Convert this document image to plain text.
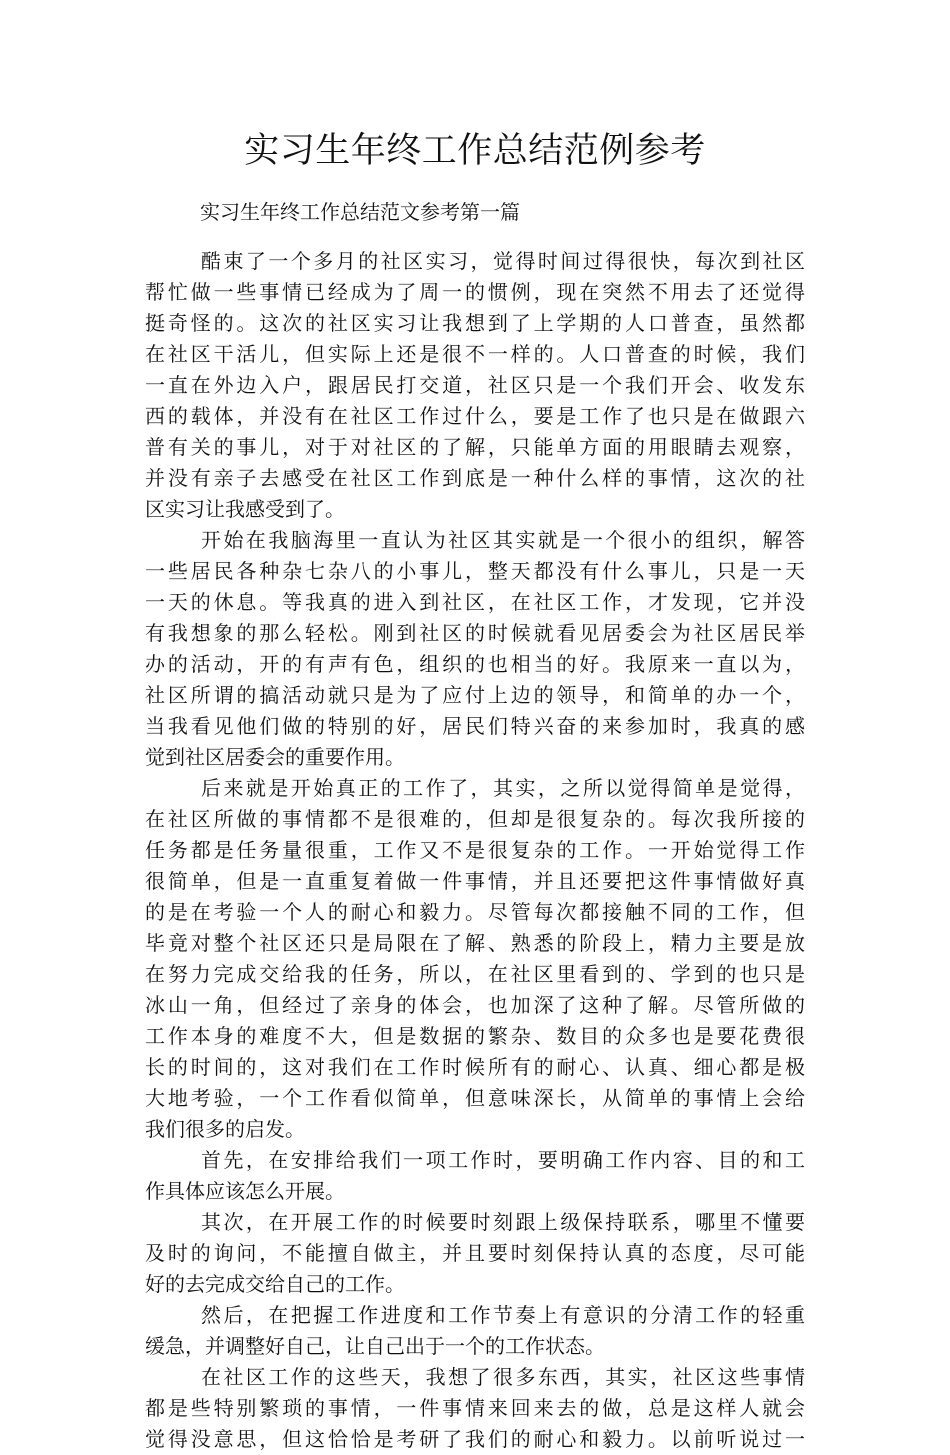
实习生年终工作总结范例参考

实习生年终工作总结范文参考第一篇

酷束了一个多月的社区实习，觉得时间过得很快，每次到社区
帮忙做一些事情已经成为了周一的惯例，现在突然不用去了还觉得
挺奇怪的。这次的社区实习让我想到了上学期的人口普查，虽然都
在社区干活儿，但实际上还是很不一样的。人口普查的时候，我们
一直在外边入户，跟居民打交道，社区只是一个我们开会、收发东
西的载体，并没有在社区工作过什么，要是工作了也只是在做跟六
普有关的事儿，对于对社区的了解，只能单方面的用眼睛去观察，
并没有亲子去感受在社区工作到底是一种什么样的事情，这次的社
区实习让我感受到了。
开始在我脑海里一直认为社区其实就是一个很小的组织，解答
一些居民各种杂七杂八的小事儿，整天都没有什么事儿，只是一天
一天的休息。等我真的进入到社区，在社区工作，才发现，它并没
有我想象的那么轻松。刚到社区的时候就看见居委会为社区居民举
办的活动，开的有声有色，组织的也相当的好。我原来一直以为，
社区所谓的搞活动就只是为了应付上边的领导，和简单的办一个，
当我看见他们做的特别的好，居民们特兴奋的来参加时，我真的感
觉到社区居委会的重要作用。
后来就是开始真正的工作了，其实，之所以觉得简单是觉得，
在社区所做的事情都不是很难的，但却是很复杂的。每次我所接的
任务都是任务量很重，工作又不是很复杂的工作。一开始觉得工作
很简单，但是一直重复着做一件事情，并且还要把这件事情做好真
的是在考验一个人的耐心和毅力。尽管每次都接触不同的工作，但
毕竟对整个社区还只是局限在了解、熟悉的阶段上，精力主要是放
在努力完成交给我的任务，所以，在社区里看到的、学到的也只是
冰山一角，但经过了亲身的体会，也加深了这种了解。尽管所做的
工作本身的难度不大，但是数据的繁杂、数目的众多也是要花费很
长的时间的，这对我们在工作时候所有的耐心、认真、细心都是极
大地考验，一个工作看似简单，但意味深长，从简单的事情上会给
我们很多的启发。
首先，在安排给我们一项工作时，要明确工作内容、目的和工
作具体应该怎么开展。
其次，在开展工作的时候要时刻跟上级保持联系，哪里不懂要
及时的询问，不能擅自做主，并且要时刻保持认真的态度，尽可能
好的去完成交给自己的工作。
然后，在把握工作进度和工作节奏上有意识的分清工作的轻重
缓急，并调整好自己，让自己出于一个的工作状态。
在社区工作的这些天，我想了很多东西，其实，社区这些事情
都是些特别繁琐的事情，一件事情来回来去的做，总是这样人就会
觉得没意思，但这恰恰是考研了我们的耐心和毅力。以前听说过一
